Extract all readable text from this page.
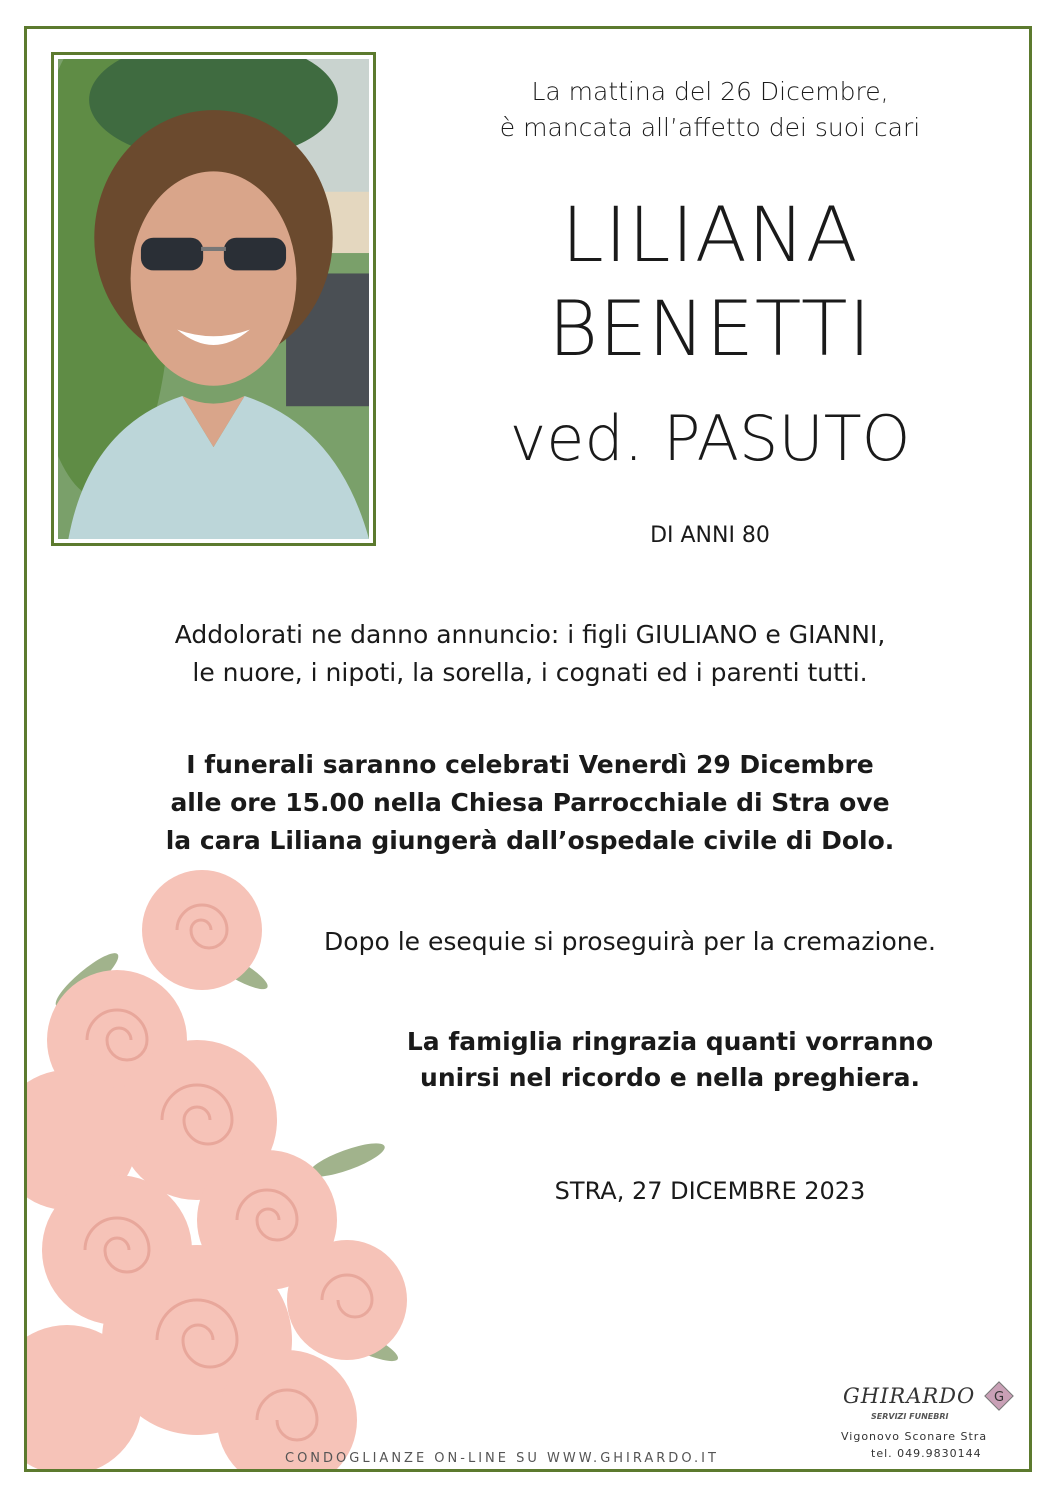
La mattina del 26 Dicembre,
è mancata all’affetto dei suoi cari
LILIANA
BENETTI
ved. PASUTO
DI ANNI 80
Addolorati ne danno annuncio: i figli GIULIANO e GIANNI,
le nuore, i nipoti, la sorella, i cognati ed i parenti tutti.
I funerali saranno celebrati Venerdì 29 Dicembre
alle ore 15.00 nella Chiesa Parrocchiale di Stra ove
la cara Liliana giungerà dall’ospedale civile di Dolo.
Dopo le esequie si proseguirà per la cremazione.
La famiglia ringrazia quanti vorranno
unirsi nel ricordo e nella preghiera.
STRA, 27 DICEMBRE 2023
CONDOGLIANZE ON-LINE SU WWW.GHIRARDO.IT
GHIRARDO
SERVIZI FUNEBRI
G
Vigonovo Sconare Stra
tel. 049.9830144
